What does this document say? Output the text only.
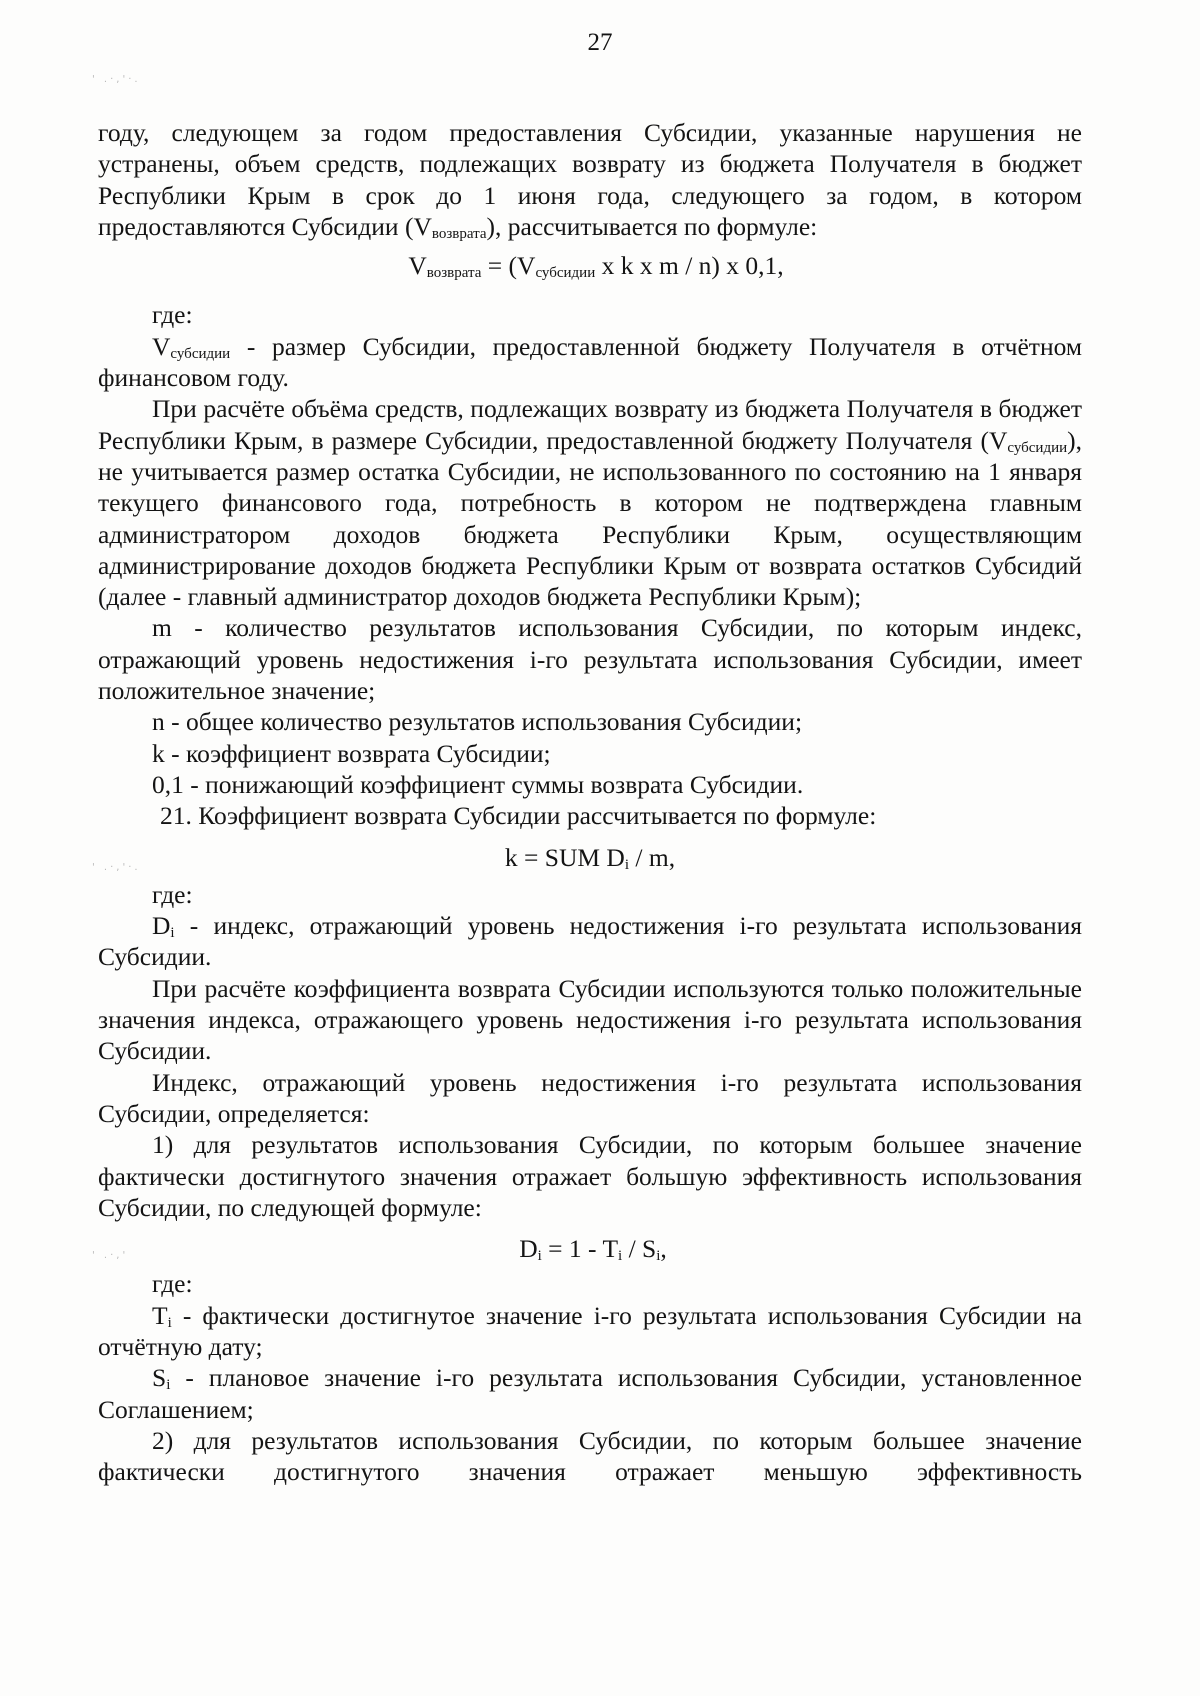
' .·,'·.
' .·,'·.
' .·,'
27

году, следующем за годом предоставления Субсидии, указанные нарушения не устранены, объем средств, подлежащих возврату из бюджета Получателя в бюджет Республики Крым в срок до 1 июня года, следующего за годом, в котором предоставляются Субсидии $(V_{возврата})$, рассчитывается по формуле:

$V_{возврата} = (V_{субсидии}$ x k x m / n) x 0,1,

где:

$V_{субсидии}$ - размер Субсидии, предоставленной бюджету Получателя в отчётном финансовом году.

При расчёте объёма средств, подлежащих возврату из бюджета Получателя в бюджет Республики Крым, в размере Субсидии, предоставленной бюджету Получателя $(V_{субсидии})$, не учитывается размер остатка Субсидии, не использованного по состоянию на 1 января текущего финансового года, потребность в котором не подтверждена главным администратором доходов бюджета Республики Крым, осуществляющим администрирование доходов бюджета Республики Крым от возврата остатков Субсидий (далее - главный администратор доходов бюджета Республики Крым);

m - количество результатов использования Субсидии, по которым индекс, отражающий уровень недостижения i-го результата использования Субсидии, имеет положительное значение;

n - общее количество результатов использования Субсидии;

k - коэффициент возврата Субсидии;

0,1 - понижающий коэффициент суммы возврата Субсидии.

21. Коэффициент возврата Субсидии рассчитывается по формуле:

k = SUM $D_i$ / m,

где:

$D_i$ - индекс, отражающий уровень недостижения i-го результата использования Субсидии.

При расчёте коэффициента возврата Субсидии используются только положительные значения индекса, отражающего уровень недостижения i-го результата использования Субсидии.

Индекс, отражающий уровень недостижения i-го результата использования Субсидии, определяется:

1) для результатов использования Субсидии, по которым большее значение фактически достигнутого значения отражает большую эффективность использования Субсидии, по следующей формуле:

$D_i = 1 - T_i / S_i$,

где:

$T_i$ - фактически достигнутое значение i-го результата использования Субсидии на отчётную дату;

$S_i$ - плановое значение i-го результата использования Субсидии, установленное Соглашением;

2) для результатов использования Субсидии, по которым большее значение фактически достигнутого значения отражает меньшую эффективность
